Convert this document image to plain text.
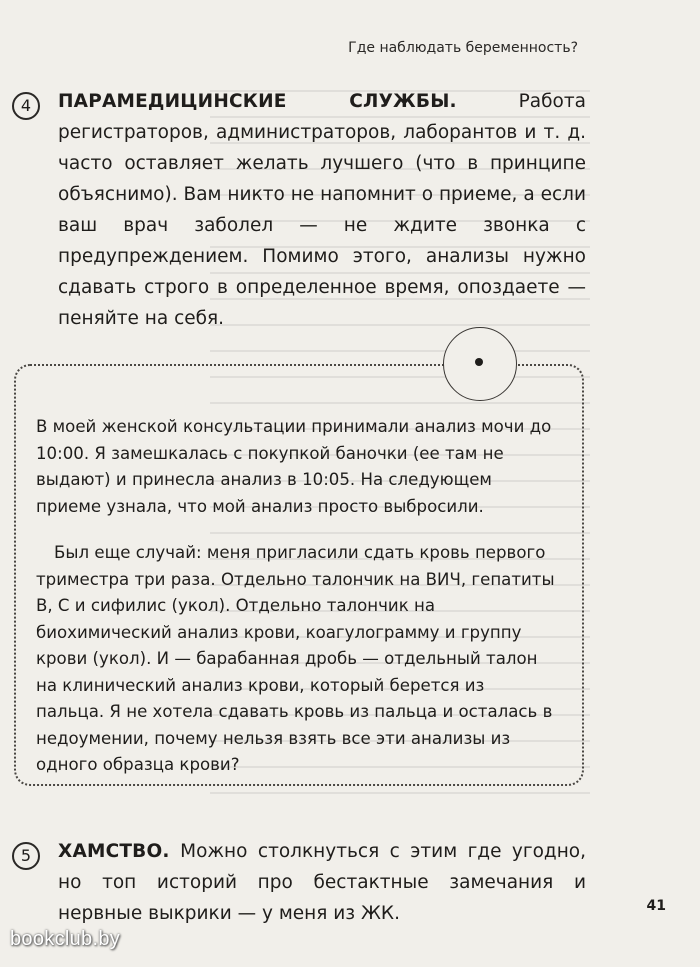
Где наблюдать беременность?
4	ПАРАМЕДИЦИНСКИЕ СЛУЖБЫ.	Работа регистраторов, администраторов, лаборантов и т. д. часто оставляет желать лучшего (что в принципе объяснимо). Вам никто не напомнит о приеме, а если ваш врач заболел — не ждите звонка с предупреждением. Помимо этого, анализы нужно сдавать строго в определенное время, опоздаете — пеняйте на себя.
В моей женской консультации принимали анализ мочи до 10:00. Я замешкалась с покупкой баночки (ее там не выдают) и принесла анализ в 10:05. На следующем приеме узнала, что мой анализ просто выбросили.
Был еще случай: меня пригласили сдать кровь первого триместра три раза. Отдельно талончик на ВИЧ, гепатиты В, С и сифилис (укол). Отдельно талончик на биохимический анализ крови, коагулограмму и группу крови (укол). И — барабанная дробь — отдельный талон на клинический анализ крови, который берется из пальца. Я не хотела сдавать кровь из пальца и осталась в недоумении, почему нельзя взять все эти анализы из одного образца крови?
5	ХАМСТВО. Можно столкнуться с этим где угодно, но топ историй про бестактные замечания и нервные выкрики — у меня из ЖК.	41
bookclub.by
